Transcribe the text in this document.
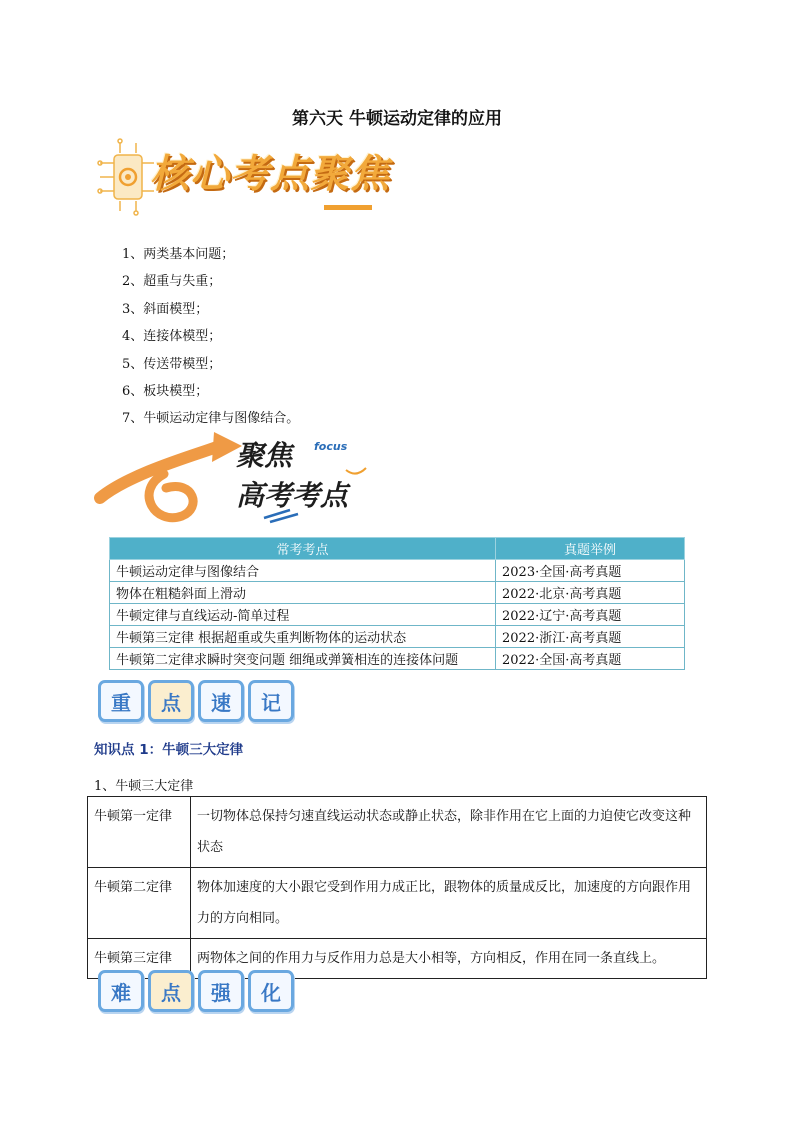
第六天 牛顿运动定律的应用
核心考点聚焦
1、两类基本问题；
2、超重与失重；
3、斜面模型；
4、连接体模型；
5、传送带模型；
6、板块模型；
7、牛顿运动定律与图像结合。
聚焦 focus
高考考点
常考考点	真题举例
牛顿运动定律与图像结合	2023·全国·高考真题
物体在粗糙斜面上滑动	2022·北京·高考真题
牛顿定律与直线运动-简单过程	2022·辽宁·高考真题
牛顿第三定律 根据超重或失重判断物体的运动状态	2022·浙江·高考真题
牛顿第二定律求瞬时突变问题 细绳或弹簧相连的连接体问题	2022·全国·高考真题
重	点	速	记
知识点 1：牛顿三大定律
1、牛顿三大定律
牛顿第一定律	一切物体总保持匀速直线运动状态或静止状态，除非作用在它上面的力迫使它改变这种状态
牛顿第二定律	物体加速度的大小跟它受到作用力成正比，跟物体的质量成反比，加速度的方向跟作用力的方向相同。
牛顿第三定律	两物体之间的作用力与反作用力总是大小相等，方向相反，作用在同一条直线上。
难	点	强	化
